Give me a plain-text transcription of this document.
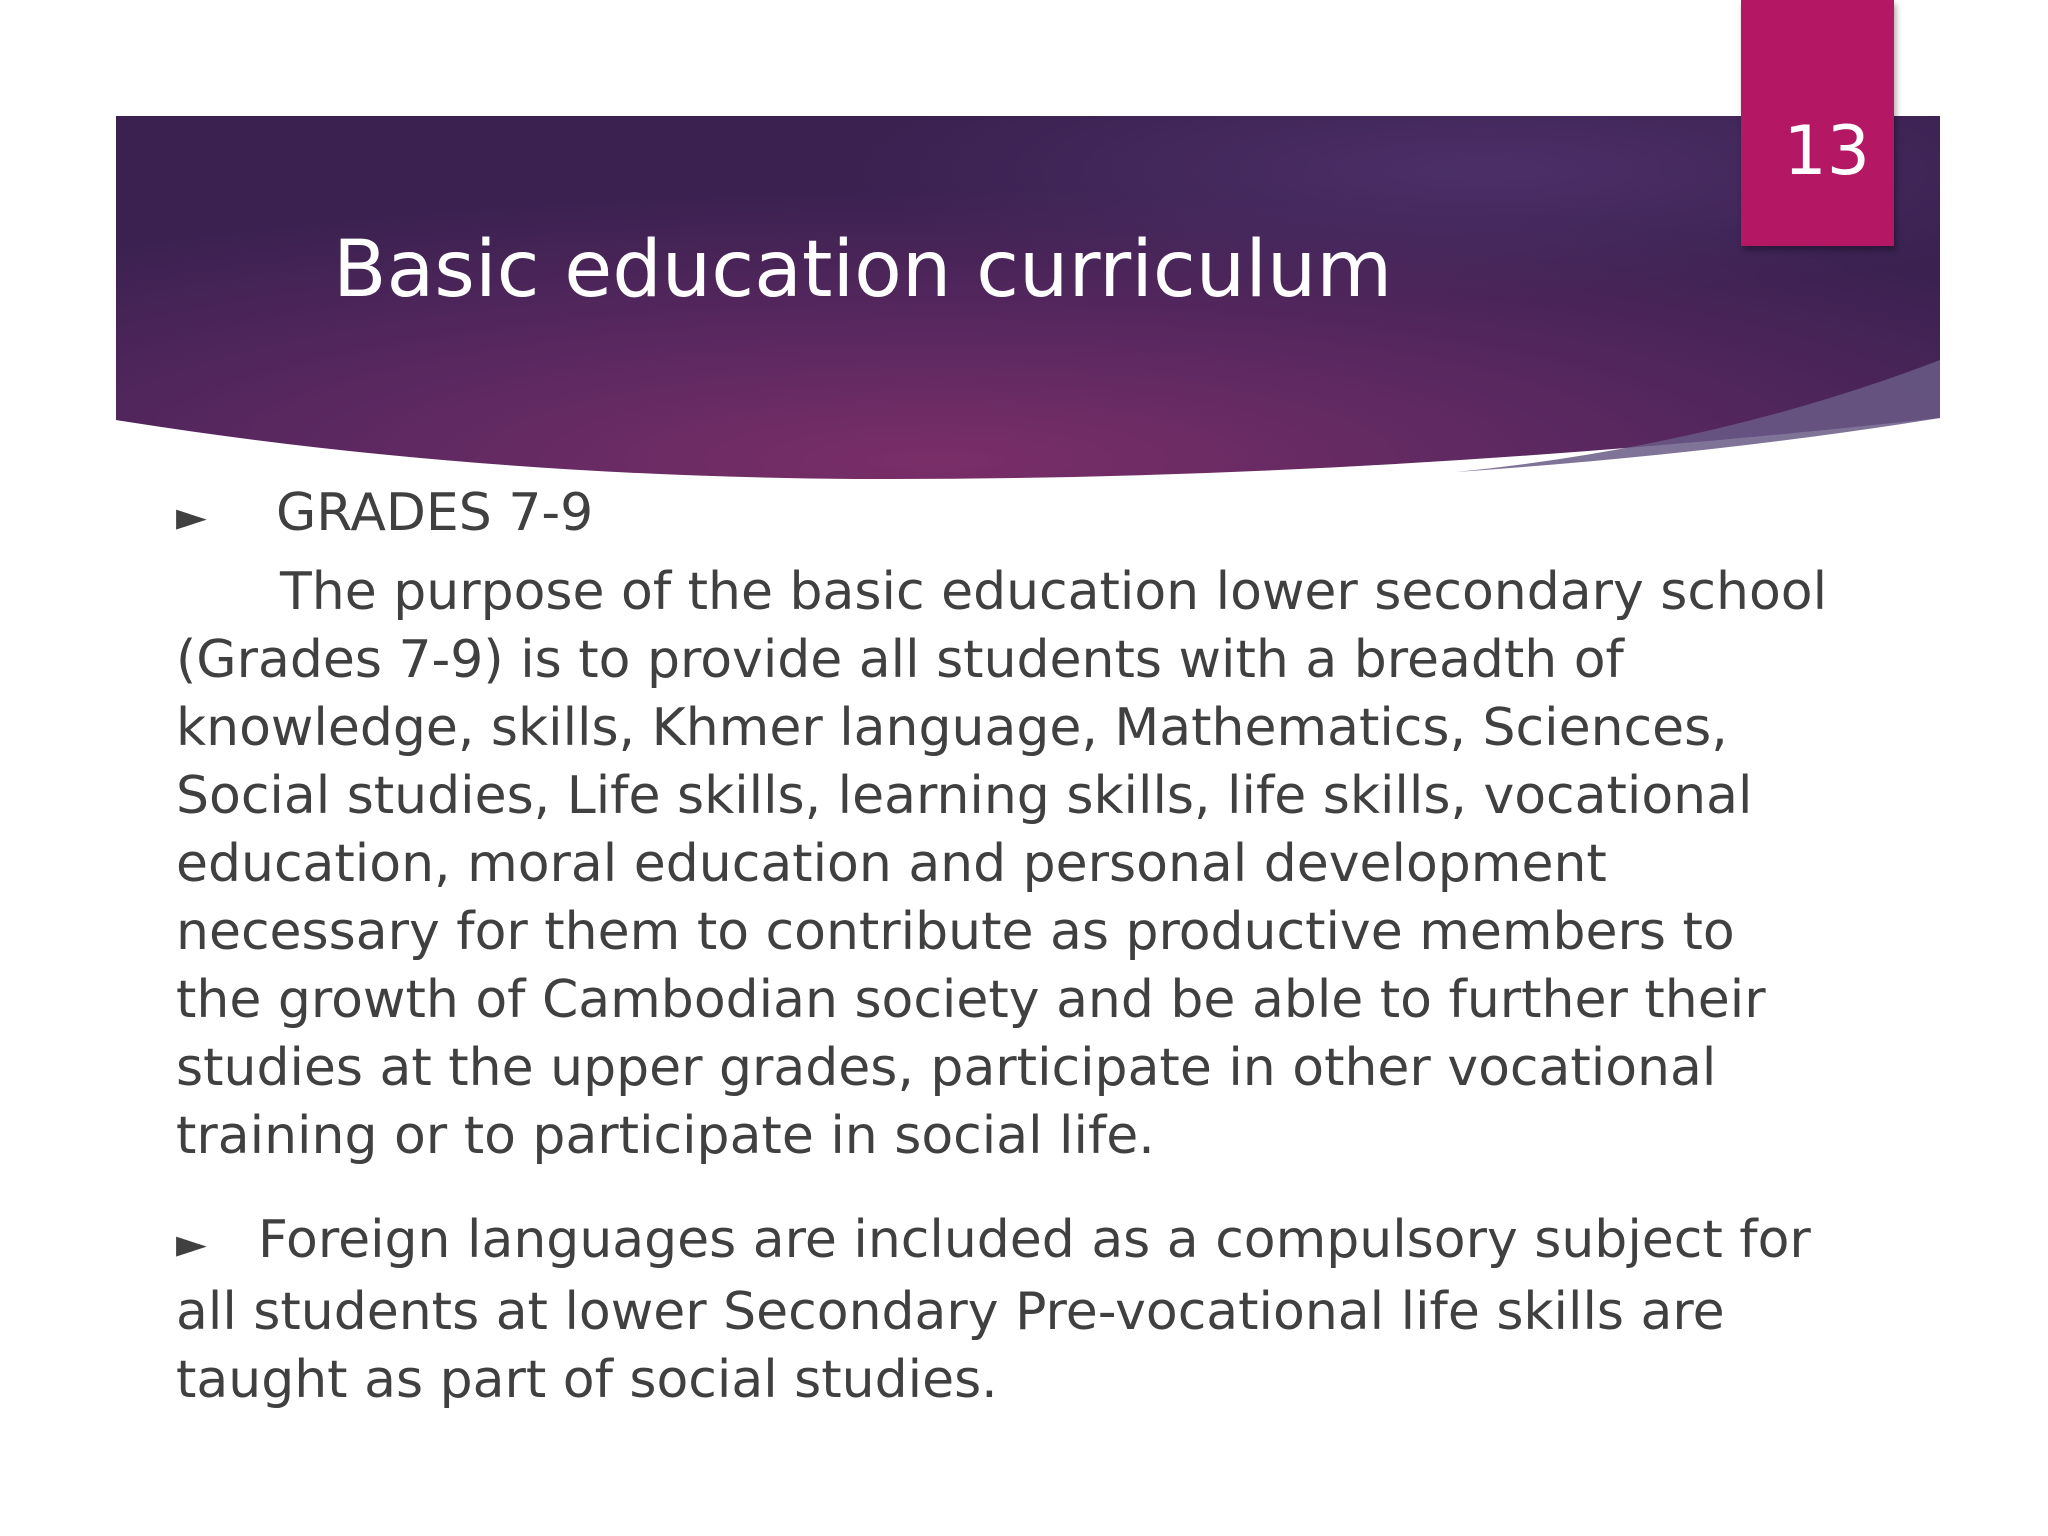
Basic education curriculum
13
►	GRADES 7-9

The purpose of the basic education lower secondary school (Grades 7-9) is to provide all students with a breadth of knowledge, skills, Khmer language, Mathematics, Sciences, Social studies, Life skills, learning skills, life skills, vocational education, moral education and personal development necessary for them to contribute as productive members to the growth of Cambodian society and be able to further their studies at the upper grades, participate in other vocational training or to participate in social life.

► Foreign languages are included as a compulsory subject for all students at lower Secondary Pre-vocational life skills are taught as part of social studies.
